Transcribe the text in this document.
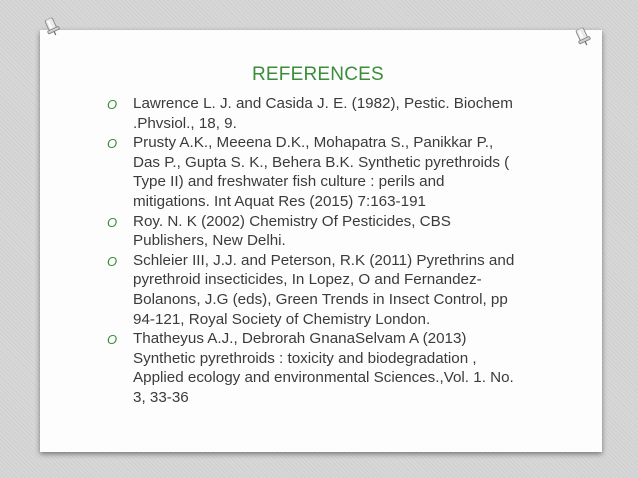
REFERENCES
O Lawrence L. J. and Casida J. E. (1982), Pestic. Biochem
.Phvsiol., 18, 9.
O Prusty A.K., Meeena D.K., Mohapatra S., Panikkar P.,
Das P., Gupta S. K., Behera B.K. Synthetic pyrethroids (
Type II) and freshwater fish culture : perils and
mitigations. Int Aquat Res (2015) 7:163-191
O Roy. N. K (2002) Chemistry Of Pesticides, CBS
Publishers, New Delhi.
O Schleier III, J.J. and Peterson, R.K (2011) Pyrethrins and
pyrethroid insecticides, In Lopez, O and Fernandez-
Bolanons, J.G (eds), Green Trends in Insect Control, pp
94-121, Royal Society of Chemistry London.
O Thatheyus A.J., Debrorah GnanaSelvam A (2013)
Synthetic pyrethroids : toxicity and biodegradation ,
Applied ecology and environmental Sciences.,Vol. 1. No.
3, 33-36
